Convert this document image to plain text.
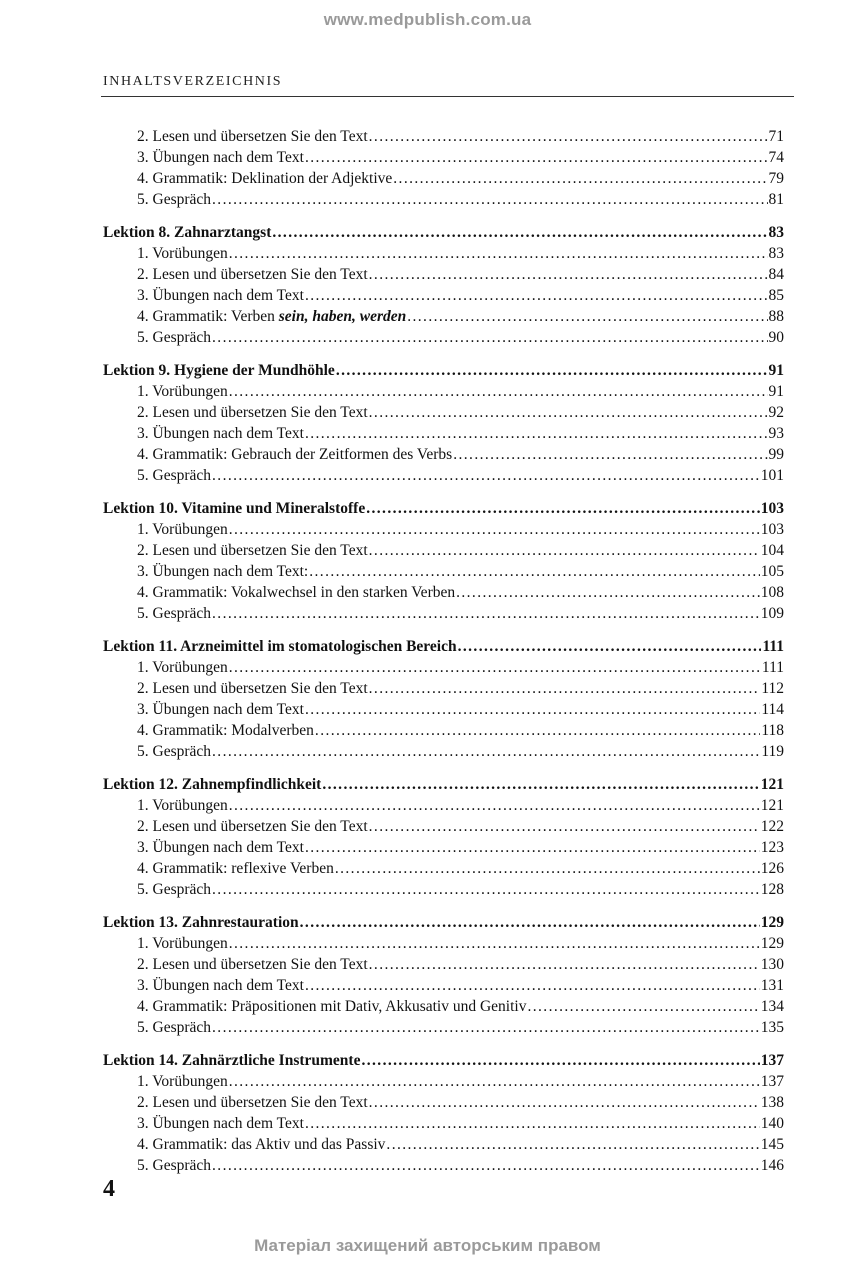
www.medpublish.com.ua
INHALTSVERZEICHNIS
2. Lesen und übersetzen Sie den Text .....	71
3. Übungen nach dem Text .....	74
4. Grammatik: Deklination der Adjektive .....	79
5. Gespräch .....	81
Lektion 8. Zahnarztangst .....	83
1. Vorübungen .....	83
2. Lesen und übersetzen Sie den Text .....	84
3. Übungen nach dem Text .....	85
4. Grammatik: Verben sein, haben, werden .....	88
5. Gespräch .....	90
Lektion 9. Hygiene der Mundhöhle .....	91
1. Vorübungen .....	91
2. Lesen und übersetzen Sie den Text .....	92
3. Übungen nach dem Text .....	93
4. Grammatik: Gebrauch der Zeitformen des Verbs .....	99
5. Gespräch .....	101
Lektion 10. Vitamine und Mineralstoffe .....	103
1. Vorübungen .....	103
2. Lesen und übersetzen Sie den Text .....	104
3. Übungen nach dem Text: .....	105
4. Grammatik: Vokalwechsel in den starken Verben .....	108
5. Gespräch .....	109
Lektion 11. Arzneimittel im stomatologischen Bereich .....	111
1. Vorübungen .....	111
2. Lesen und übersetzen Sie den Text .....	112
3. Übungen nach dem Text .....	114
4. Grammatik: Modalverben .....	118
5. Gespräch .....	119
Lektion 12. Zahnempfindlichkeit .....	121
1. Vorübungen .....	121
2. Lesen und übersetzen Sie den Text .....	122
3. Übungen nach dem Text .....	123
4. Grammatik: reflexive Verben .....	126
5. Gespräch .....	128
Lektion 13. Zahnrestauration .....	129
1. Vorübungen .....	129
2. Lesen und übersetzen Sie den Text .....	130
3. Übungen nach dem Text .....	131
4. Grammatik: Präpositionen mit Dativ, Akkusativ und Genitiv .....	134
5. Gespräch .....	135
Lektion 14. Zahnärztliche Instrumente .....	137
1. Vorübungen .....	137
2. Lesen und übersetzen Sie den Text .....	138
3. Übungen nach dem Text .....	140
4. Grammatik: das Aktiv und das Passiv .....	145
5. Gespräch .....	146
4
Матеріал захищений авторським правом
